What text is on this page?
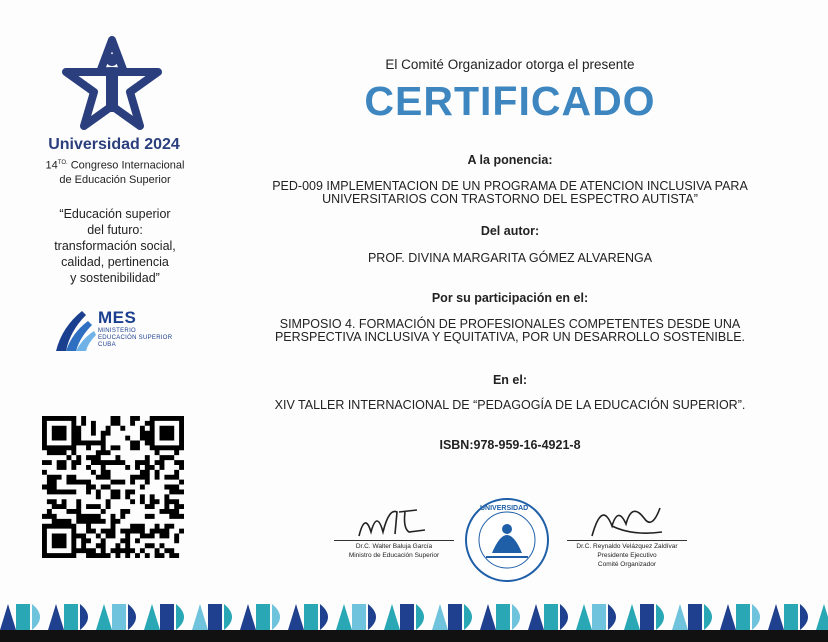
Universidad 2024
$14^{TO.}$ Congreso Internacional
de Educación Superior
“Educación superior
del futuro:
transformación social,
calidad, pertinencia
y sostenibilidad”
MES
MINISTERIO
EDUCACIÓN SUPERIOR
CUBA
El Comité Organizador otorga el presente
CERTIFICADO
A la ponencia:
PED-009 IMPLEMENTACION DE UN PROGRAMA DE ATENCION INCLUSIVA PARA UNIVERSITARIOS CON TRASTORNO DEL ESPECTRO AUTISTA”
Del autor:
PROF. DIVINA MARGARITA GÓMEZ ALVARENGA
Por su participación en el:
SIMPOSIO 4. FORMACIÓN DE PROFESIONALES COMPETENTES DESDE UNA PERSPECTIVA INCLUSIVA Y EQUITATIVA, POR UN DESARROLLO SOSTENIBLE.
En el:
XIV TALLER INTERNACIONAL DE “PEDAGOGÍA DE LA EDUCACIÓN SUPERIOR”.
ISBN:978-959-16-4921-8
Dr.C. Walter Baluja García
Ministro de Educación Superior
UNIVERSIDAD
Dr.C. Reynaldo Velázquez Zaldívar
Presidente Ejecutivo
Comité Organizador
